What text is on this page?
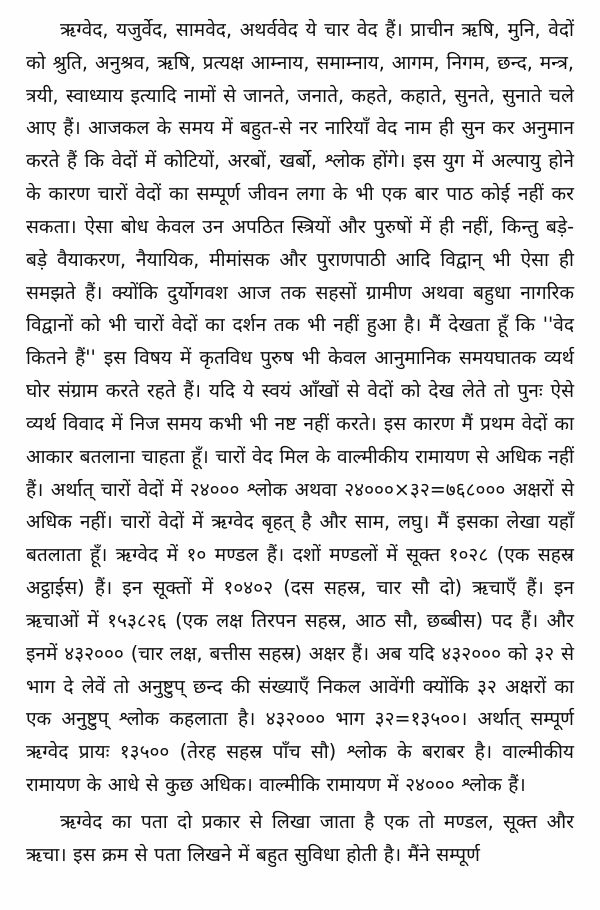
ऋग्वेद, यजुर्वेद, सामवेद, अथर्ववेद ये चार वेद हैं। प्राचीन ऋषि, मुनि, वेदों को श्रुति, अनुश्रव, ऋषि, प्रत्यक्ष आम्नाय, समाम्नाय, आगम, निगम, छन्द, मन्त्र, त्रयी, स्वाध्याय इत्यादि नामों से जानते, जनाते, कहते, कहाते, सुनते, सुनाते चले आए हैं। आजकल के समय में बहुत-से नर नारियाँ वेद नाम ही सुन कर अनुमान करते हैं कि वेदों में कोटियों, अरबों, खर्बो, श्लोक होंगे। इस युग में अल्पायु होने के कारण चारों वेदों का सम्पूर्ण जीवन लगा के भी एक बार पाठ कोई नहीं कर सकता। ऐसा बोध केवल उन अपठित स्त्रियों और पुरुषों में ही नहीं, किन्तु बड़े-बड़े वैयाकरण, नैयायिक, मीमांसक और पुराणपाठी आदि विद्वान् भी ऐसा ही समझते हैं। क्योंकि दुर्योगवश आज तक सहसों ग्रामीण अथवा बहुधा नागरिक विद्वानों को भी चारों वेदों का दर्शन तक भी नहीं हुआ है। मैं देखता हूँ कि ''वेद कितने हैं'' इस विषय में कृतविध पुरुष भी केवल आनुमानिक समयघातक व्यर्थ घोर संग्राम करते रहते हैं। यदि ये स्वयं आँखों से वेदों को देख लेते तो पुनः ऐसे व्यर्थ विवाद में निज समय कभी भी नष्ट नहीं करते। इस कारण मैं प्रथम वेदों का आकार बतलाना चाहता हूँ। चारों वेद मिल के वाल्मीकीय रामायण से अधिक नहीं हैं। अर्थात् चारों वेदों में २४००० श्लोक अथवा २४०००×३२=७६८००० अक्षरों से अधिक नहीं। चारों वेदों में ऋग्वेद बृहत् है और साम, लघु। मैं इसका लेखा यहाँ बतलाता हूँ। ऋग्वेद में १० मण्डल हैं। दशों मण्डलों में सूक्त १०२८ (एक सहस्र अट्ठाईस) हैं। इन सूक्तों में १०४०२ (दस सहस्र, चार सौ दो) ऋचाएँ हैं। इन ऋचाओं में १५३८२६ (एक लक्ष तिरपन सहस्र, आठ सौ, छब्बीस) पद हैं। और इनमें ४३२००० (चार लक्ष, बत्तीस सहस्र) अक्षर हैं। अब यदि ४३२००० को ३२ से भाग दे लेवें तो अनुष्टुप् छन्द की संख्याएँ निकल आवेंगी क्योंकि ३२ अक्षरों का एक अनुष्टुप् श्लोक कहलाता है। ४३२००० भाग ३२=१३५००। अर्थात् सम्पूर्ण ऋग्वेद प्रायः १३५०० (तेरह सहस्र पाँच सौ) श्लोक के बराबर है। वाल्मीकीय रामायण के आधे से कुछ अधिक। वाल्मीकि रामायण में २४००० श्लोक हैं।

ऋग्वेद का पता दो प्रकार से लिखा जाता है एक तो मण्डल, सूक्त और ऋचा। इस क्रम से पता लिखने में बहुत सुविधा होती है। मैंने सम्पूर्ण
